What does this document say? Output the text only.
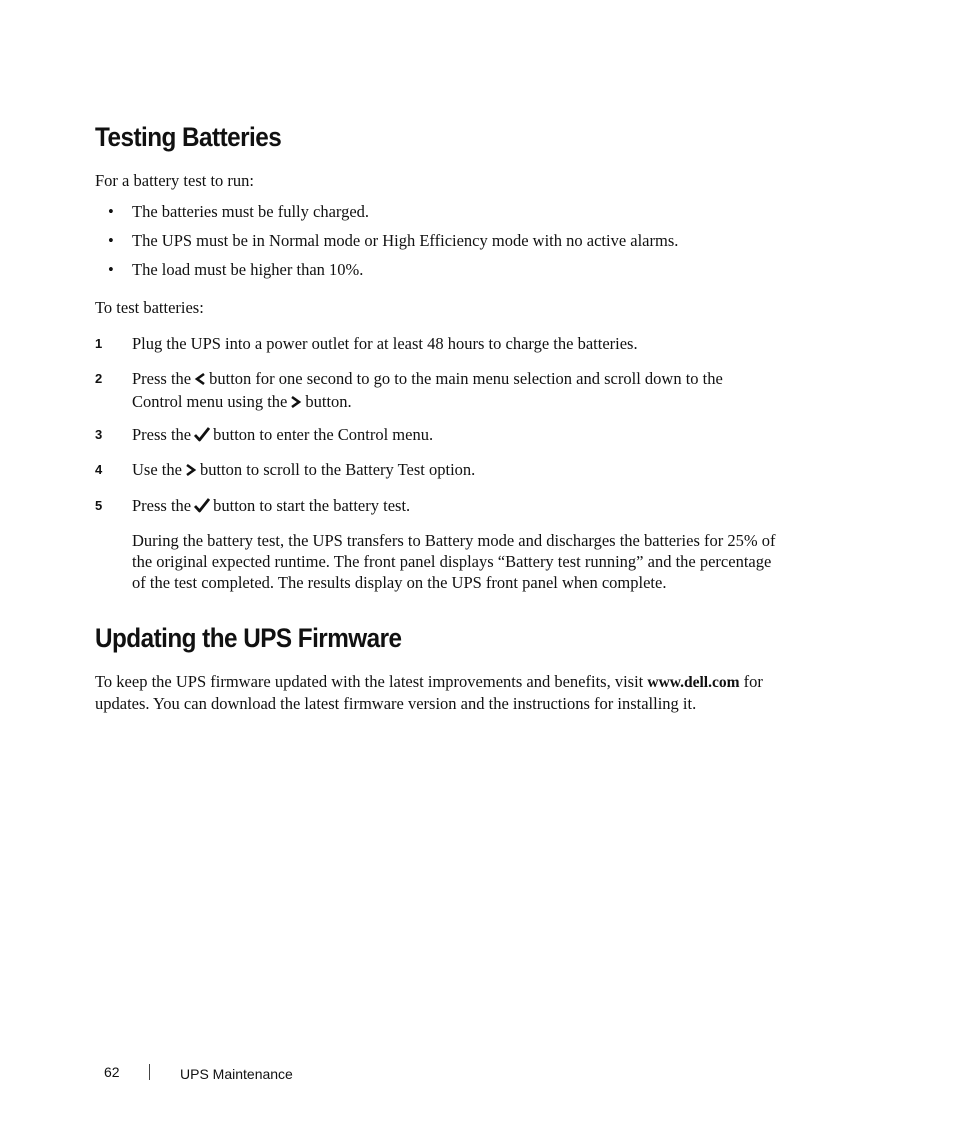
Testing Batteries

For a battery test to run:

• The batteries must be fully charged.
• The UPS must be in Normal mode or High Efficiency mode with no active alarms.
• The load must be higher than 10%.

To test batteries:

1 Plug the UPS into a power outlet for at least 48 hours to charge the batteries.
2 Press the button for one second to go to the main menu selection and scroll down to the
Control menu using the button.
3 Press the button to enter the Control menu.
4 Use the button to scroll to the Battery Test option.
5 Press the button to start the battery test.
During the battery test, the UPS transfers to Battery mode and discharges the batteries for 25% of
the original expected runtime. The front panel displays “Battery test running” and the percentage
of the test completed. The results display on the UPS front panel when complete.
Updating the UPS Firmware
To keep the UPS firmware updated with the latest improvements and benefits, visit www.dell.com for
updates. You can download the latest firmware version and the instructions for installing it.
62	UPS Maintenance
